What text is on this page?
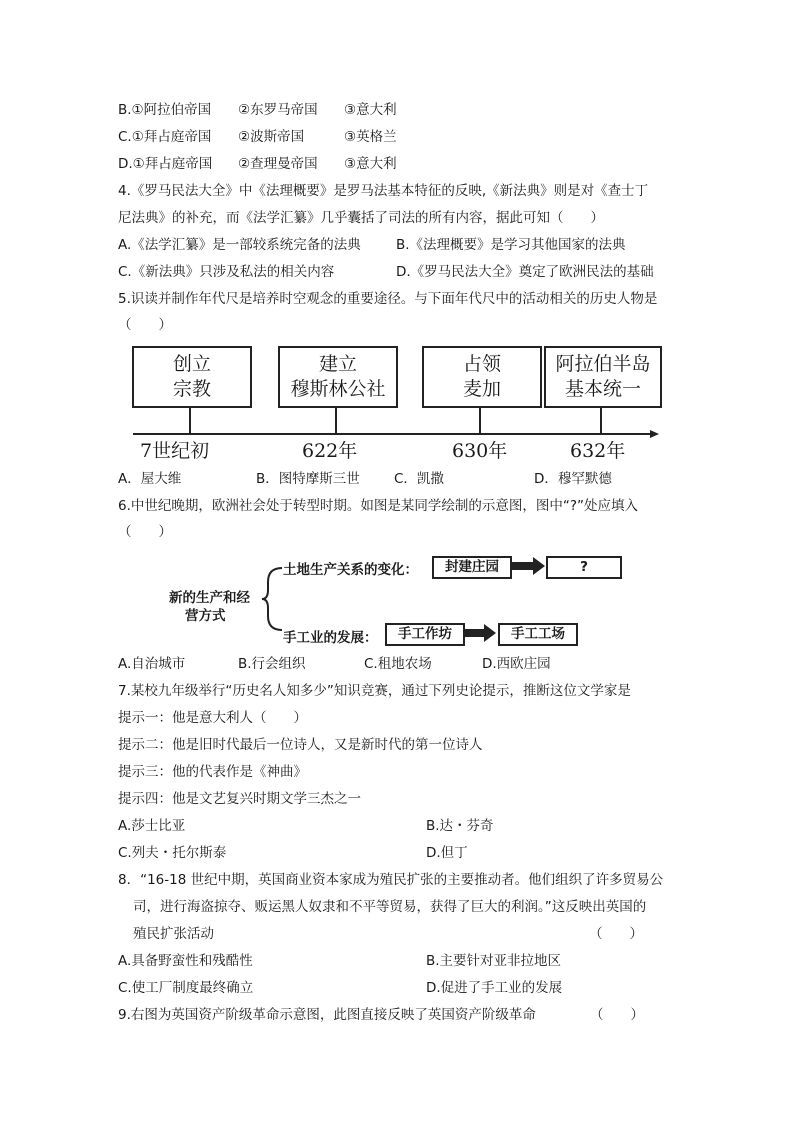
B.①阿拉伯帝国 ②东罗马帝国 ③意大利
C.①拜占庭帝国 ②波斯帝国	③英格兰
D.①拜占庭帝国 ②查理曼帝国 ③意大利
4.《罗马民法大全》中《法理概要》是罗马法基本特征的反映,《新法典》则是对《查士丁
尼法典》的补充，而《法学汇纂》几乎囊括了司法的所有内容，据此可知（　　）
A.《法学汇纂》是一部较系统完备的法典	B.《法理概要》是学习其他国家的法典
C.《新法典》只涉及私法的相关内容	D.《罗马民法大全》奠定了欧洲民法的基础
5.识读并制作年代尺是培养时空观念的重要途径。与下面年代尺中的活动相关的历史人物是
（　　）
创立
宗教
建立
穆斯林公社
占领
麦加
阿拉伯半岛
基本统一
7世纪初	622年	630年	632年
A．屋大维	B．图特摩斯三世	C．凯撒	D．穆罕默德
6.中世纪晚期，欧洲社会处于转型时期。如图是某同学绘制的示意图，图中“?”处应填入
（　　）
新的生产和经
营方式
土地生产关系的变化：	封建庄园	?
手工业的发展：	手工作坊	手工工场
A.自治城市	B.行会组织	C.租地农场	D.西欧庄园
7.某校九年级举行“历史名人知多少”知识竞赛，通过下列史论提示，推断这位文学家是
提示一：他是意大利人（　　）
提示二：他是旧时代最后一位诗人，又是新时代的第一位诗人
提示三：他的代表作是《神曲》
提示四：他是文艺复兴时期文学三杰之一
A.莎士比亚	B.达・芬奇
C.列夫・托尔斯泰	D.但丁
8．“16-18 世纪中期，英国商业资本家成为殖民扩张的主要推动者。他们组织了许多贸易公
司，进行海盗掠夺、贩运黑人奴隶和不平等贸易，获得了巨大的利润。”这反映出英国的
殖民扩张活动	（　　）
A.具备野蛮性和残酷性	B.主要针对亚非拉地区
C.使工厂制度最终确立	D.促进了手工业的发展
9.右图为英国资产阶级革命示意图，此图直接反映了英国资产阶级革命	（　　）
